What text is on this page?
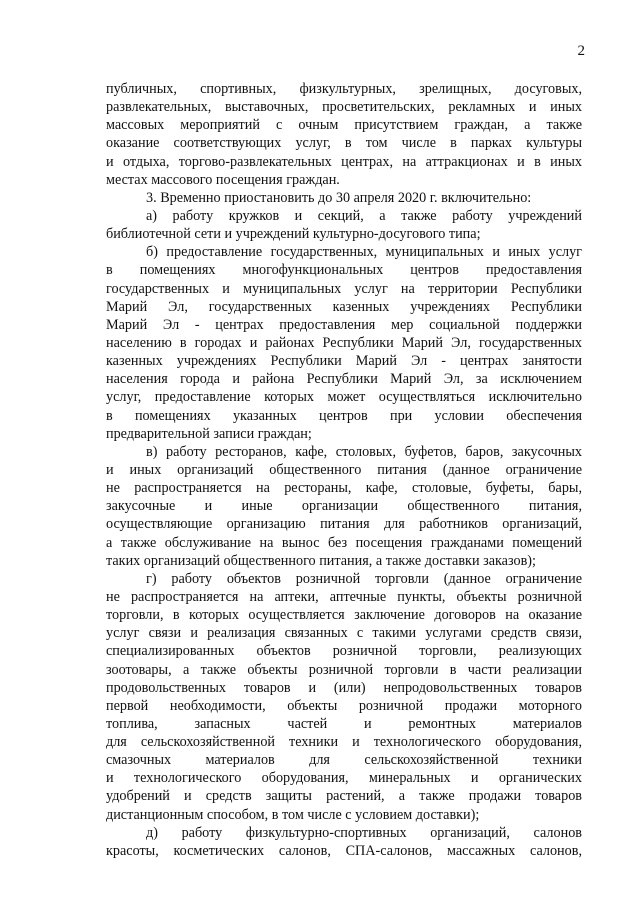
2
публичных, спортивных, физкультурных, зрелищных, досуговых,
развлекательных, выставочных, просветительских, рекламных и иных
массовых мероприятий с очным присутствием граждан, а также
оказание соответствующих услуг, в том числе в парках культуры
и отдыха, торгово-развлекательных центрах, на аттракционах и в иных
местах массового посещения граждан.
3. Временно приостановить до 30 апреля 2020 г. включительно:
а) работу кружков и секций, а также работу учреждений
библиотечной сети и учреждений культурно-досугового типа;
б) предоставление государственных, муниципальных и иных услуг
в помещениях многофункциональных центров предоставления
государственных и муниципальных услуг на территории Республики
Марий Эл, государственных казенных учреждениях Республики
Марий Эл - центрах предоставления мер социальной поддержки
населению в городах и районах Республики Марий Эл, государственных
казенных учреждениях Республики Марий Эл - центрах занятости
населения города и района Республики Марий Эл, за исключением
услуг, предоставление которых может осуществляться исключительно
в помещениях указанных центров при условии обеспечения
предварительной записи граждан;
в) работу ресторанов, кафе, столовых, буфетов, баров, закусочных
и иных организаций общественного питания (данное ограничение
не распространяется на рестораны, кафе, столовые, буфеты, бары,
закусочные и иные организации общественного питания,
осуществляющие организацию питания для работников организаций,
а также обслуживание на вынос без посещения гражданами помещений
таких организаций общественного питания, а также доставки заказов);
г) работу объектов розничной торговли (данное ограничение
не распространяется на аптеки, аптечные пункты, объекты розничной
торговли, в которых осуществляется заключение договоров на оказание
услуг связи и реализация связанных с такими услугами средств связи,
специализированных объектов розничной торговли, реализующих
зоотовары, а также объекты розничной торговли в части реализации
продовольственных товаров и (или) непродовольственных товаров
первой необходимости, объекты розничной продажи моторного
топлива, запасных частей и ремонтных материалов
для сельскохозяйственной техники и технологического оборудования,
смазочных материалов для сельскохозяйственной техники
и технологического оборудования, минеральных и органических
удобрений и средств защиты растений, а также продажи товаров
дистанционным способом, в том числе с условием доставки);
д) работу физкультурно-спортивных организаций, салонов
красоты, косметических салонов, СПА-салонов, массажных салонов,
